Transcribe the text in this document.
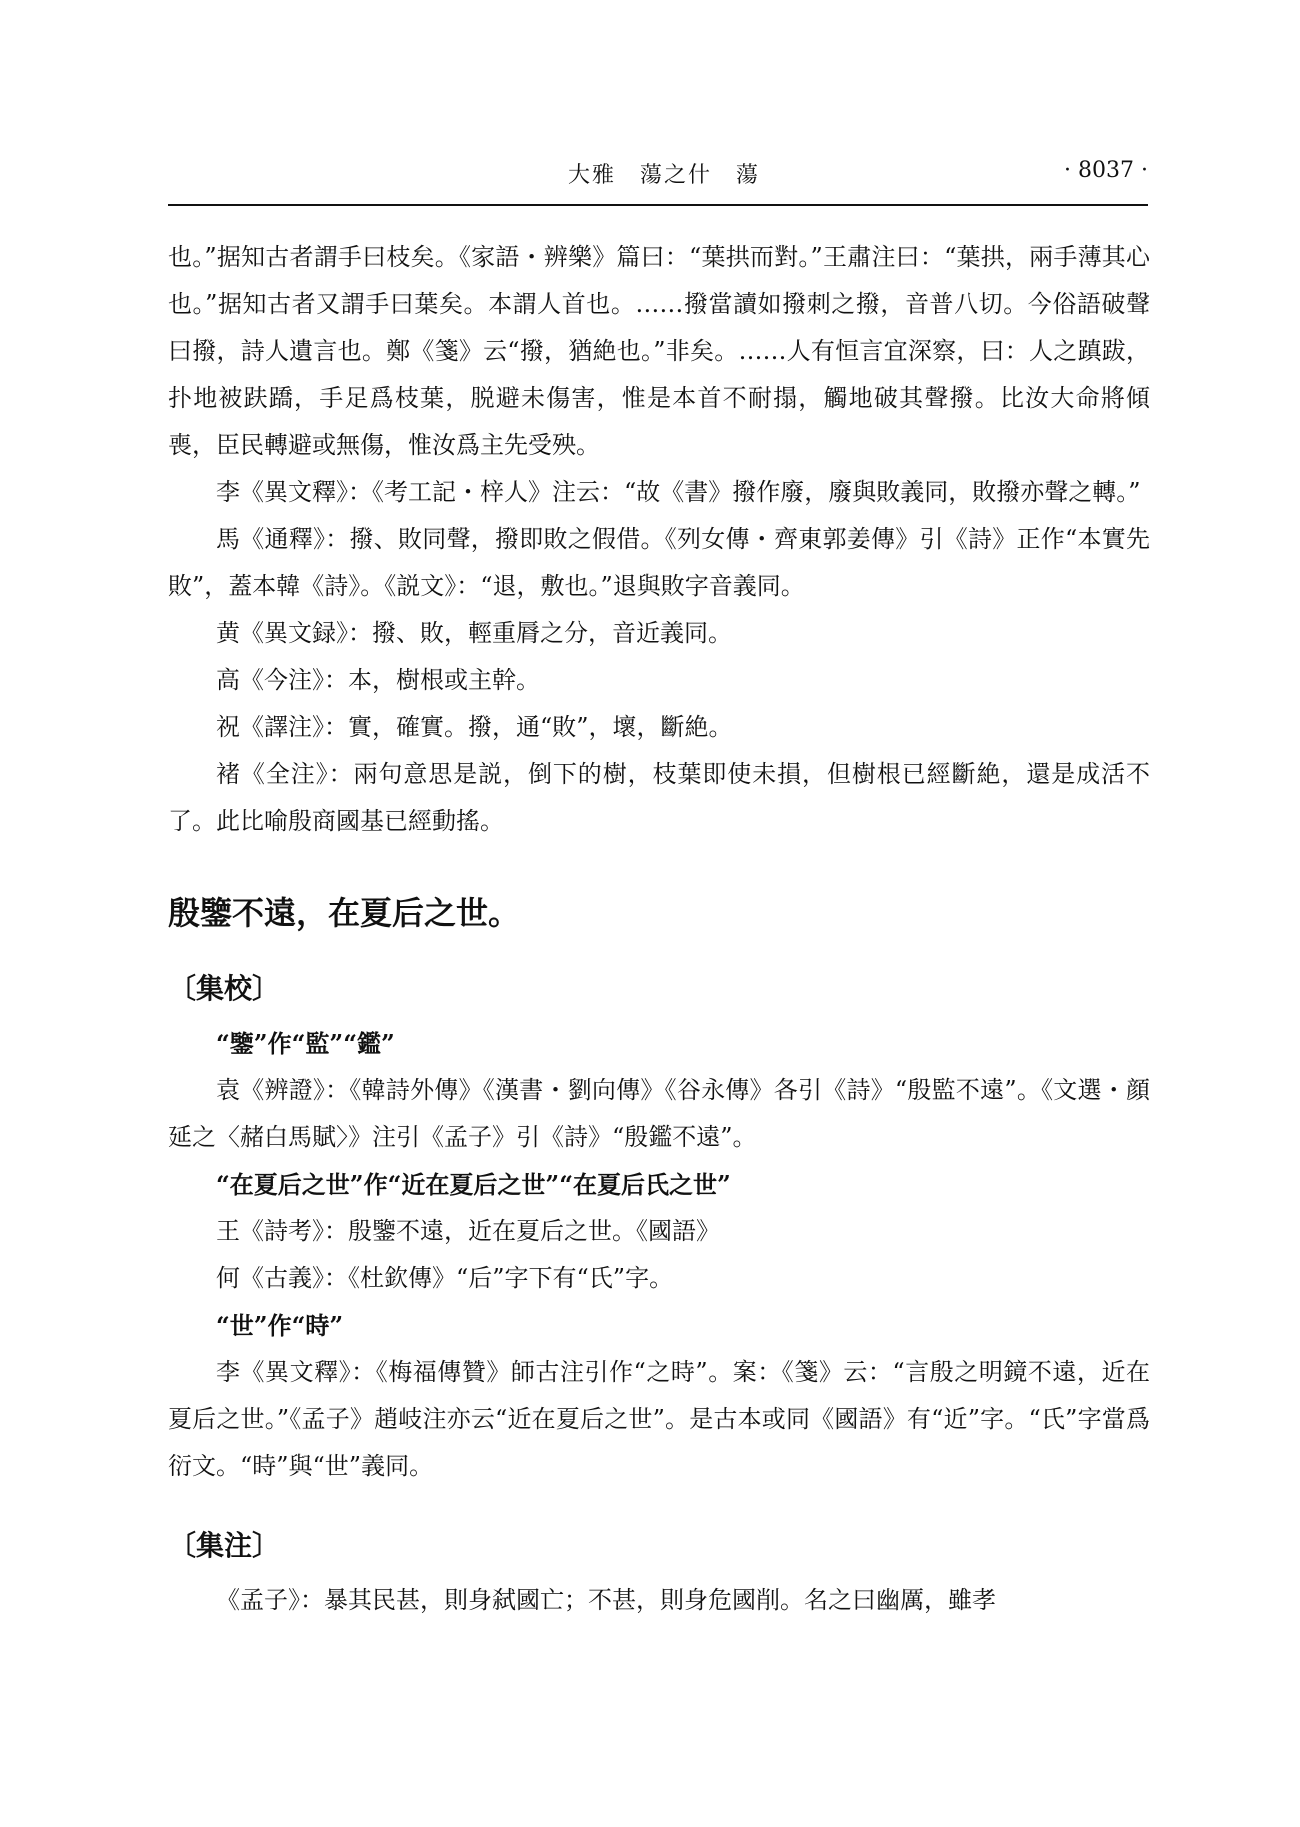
大雅　蕩之什　蕩	· 8037 ·

也。”据知古者謂手曰枝矣。《家語・辨樂》篇曰：“葉拱而對。”王肅注曰：“葉拱，兩手薄其心也。”据知古者又謂手曰葉矣。本謂人首也。……撥當讀如撥刺之撥，音普八切。今俗語破聲曰撥，詩人遺言也。鄭《箋》云“撥，猶絶也。”非矣。……人有恒言宜深察，曰：人之蹎跋，扑地被趺蹻，手足爲枝葉，脱避未傷害，惟是本首不耐搨，觸地破其聲撥。比汝大命將傾喪，臣民轉避或無傷，惟汝爲主先受殃。

李《異文釋》：《考工記・梓人》注云：“故《書》撥作廢，廢與敗義同，敗撥亦聲之轉。”

馬《通釋》：撥、敗同聲，撥即敗之假借。《列女傳・齊東郭姜傳》引《詩》正作“本實先敗”，蓋本韓《詩》。《説文》：“退，敷也。”退與敗字音義同。

黄《異文録》：撥、敗，輕重脣之分，音近義同。

高《今注》：本，樹根或主幹。

祝《譯注》：實，確實。撥，通“敗”，壞，斷絶。

褚《全注》：兩句意思是説，倒下的樹，枝葉即使未損，但樹根已經斷絶，還是成活不了。此比喻殷商國基已經動搖。

殷鑒不遠，在夏后之世。

〔集校〕

“鑒”作“監”“鑑”

袁《辨證》：《韓詩外傳》《漢書・劉向傳》《谷永傳》各引《詩》“殷監不遠”。《文選・顔延之〈赭白馬賦〉》注引《孟子》引《詩》“殷鑑不遠”。

“在夏后之世”作“近在夏后之世”“在夏后氏之世”

王《詩考》：殷鑒不遠，近在夏后之世。《國語》

何《古義》：《杜欽傳》“后”字下有“氏”字。

“世”作“時”

李《異文釋》：《梅福傳贊》師古注引作“之時”。案：《箋》云：“言殷之明鏡不遠，近在夏后之世。”《孟子》趙岐注亦云“近在夏后之世”。是古本或同《國語》有“近”字。“氏”字當爲衍文。“時”與“世”義同。

〔集注〕

《孟子》：暴其民甚，則身弑國亡；不甚，則身危國削。名之曰幽厲，雖孝
